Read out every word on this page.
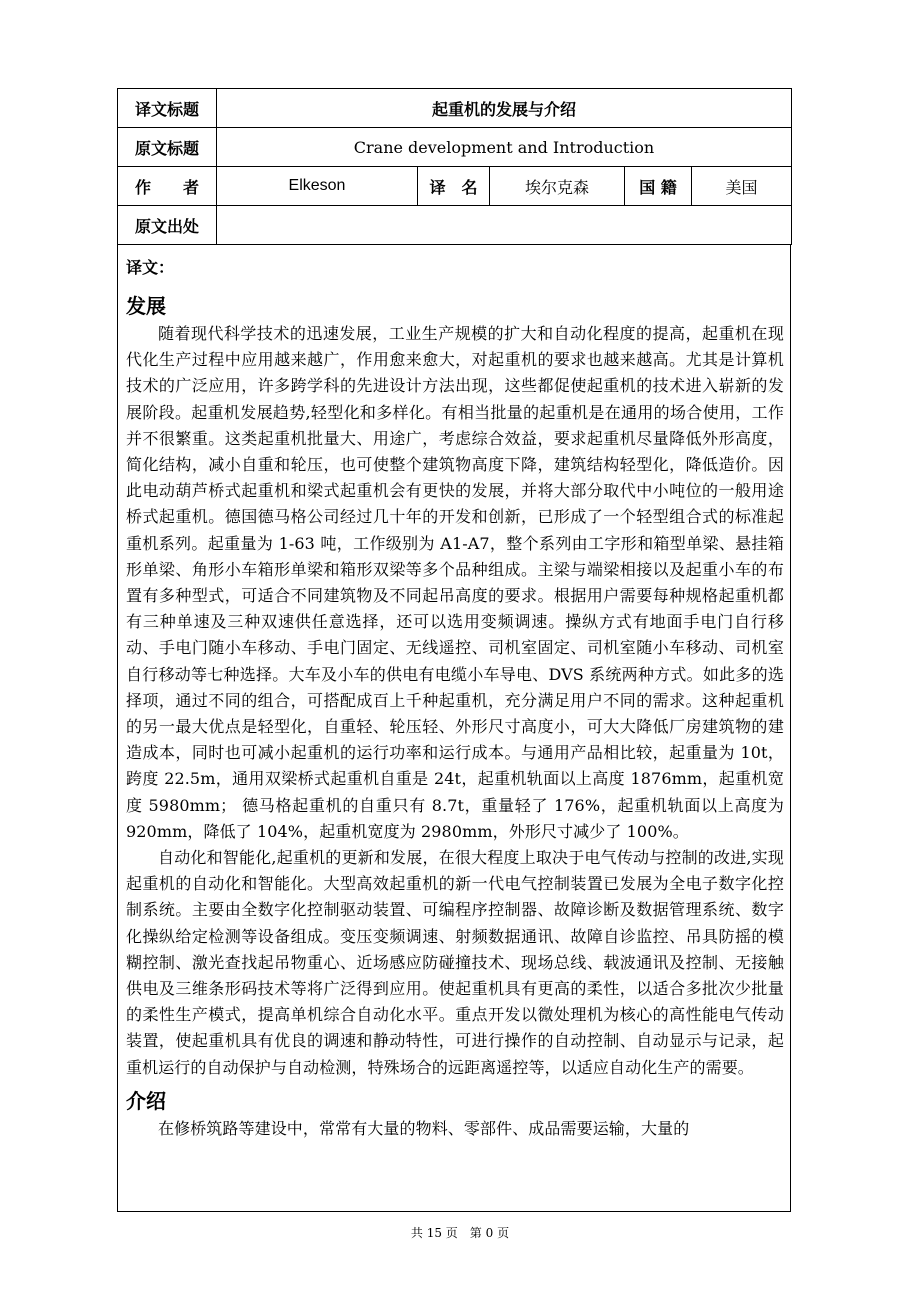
译文标题	起重机的发展与介绍				
原文标题	Crane development and Introduction				
作　　者	Elkeson	译　名	埃尔克森	国 籍	美国
原文出处					
译文：
发展

随着现代科学技术的迅速发展，工业生产规模的扩大和自动化程度的提高，起重机在现代化生产过程中应用越来越广，作用愈来愈大，对起重机的要求也越来越高。尤其是计算机技术的广泛应用，许多跨学科的先进设计方法出现，这些都促使起重机的技术进入崭新的发展阶段。起重机发展趋势,轻型化和多样化。有相当批量的起重机是在通用的场合使用，工作并不很繁重。这类起重机批量大、用途广，考虑综合效益，要求起重机尽量降低外形高度，简化结构，减小自重和轮压，也可使整个建筑物高度下降，建筑结构轻型化，降低造价。因此电动葫芦桥式起重机和梁式起重机会有更快的发展，并将大部分取代中小吨位的一般用途桥式起重机。德国德马格公司经过几十年的开发和创新，已形成了一个轻型组合式的标准起重机系列。起重量为 1-63 吨，工作级别为 A1-A7，整个系列由工字形和箱型单梁、悬挂箱形单梁、角形小车箱形单梁和箱形双梁等多个品种组成。主梁与端梁相接以及起重小车的布置有多种型式，可适合不同建筑物及不同起吊高度的要求。根据用户需要每种规格起重机都有三种单速及三种双速供任意选择，还可以选用变频调速。操纵方式有地面手电门自行移动、手电门随小车移动、手电门固定、无线遥控、司机室固定、司机室随小车移动、司机室自行移动等七种选择。大车及小车的供电有电缆小车导电、DVS 系统两种方式。如此多的选择项，通过不同的组合，可搭配成百上千种起重机，充分满足用户不同的需求。这种起重机的另一最大优点是轻型化，自重轻、轮压轻、外形尺寸高度小，可大大降低厂房建筑物的建造成本，同时也可减小起重机的运行功率和运行成本。与通用产品相比较，起重量为 10t，跨度 22.5m，通用双梁桥式起重机自重是 24t，起重机轨面以上高度 1876mm，起重机宽度 5980mm； 德马格起重机的自重只有 8.7t，重量轻了 176%，起重机轨面以上高度为 920mm，降低了 104%，起重机宽度为 2980mm，外形尺寸减少了 100%。

自动化和智能化,起重机的更新和发展，在很大程度上取决于电气传动与控制的改进,实现起重机的自动化和智能化。大型高效起重机的新一代电气控制装置已发展为全电子数字化控制系统。主要由全数字化控制驱动装置、可编程序控制器、故障诊断及数据管理系统、数字化操纵给定检测等设备组成。变压变频调速、射频数据通讯、故障自诊监控、吊具防摇的模糊控制、激光查找起吊物重心、近场感应防碰撞技术、现场总线、载波通讯及控制、无接触供电及三维条形码技术等将广泛得到应用。使起重机具有更高的柔性，以适合多批次少批量的柔性生产模式，提高单机综合自动化水平。重点开发以微处理机为核心的高性能电气传动装置，使起重机具有优良的调速和静动特性，可进行操作的自动控制、自动显示与记录，起重机运行的自动保护与自动检测，特殊场合的远距离遥控等，以适应自动化生产的需要。

介绍

在修桥筑路等建设中，常常有大量的物料、零部件、成品需要运输，大量的

共 15 页　第 0 页
